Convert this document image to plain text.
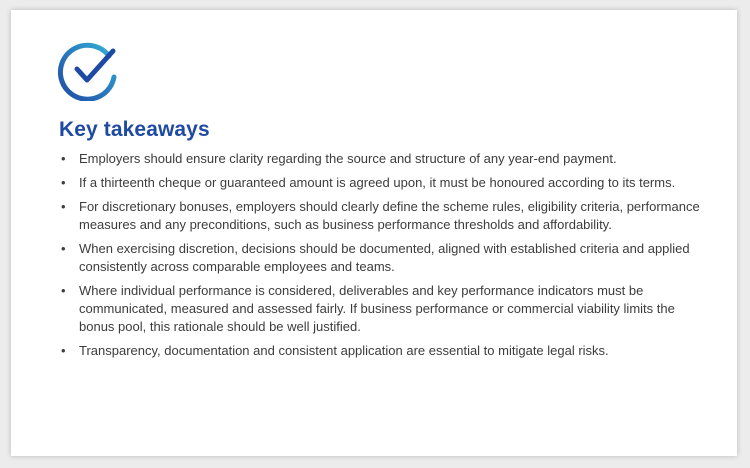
Key takeaways
•	Employers should ensure clarity regarding the source and structure of any year-end payment.
•	If a thirteenth cheque or guaranteed amount is agreed upon, it must be honoured according to its terms.
•	For discretionary bonuses, employers should clearly define the scheme rules, eligibility criteria, performance measures and any preconditions, such as business performance thresholds and affordability.
•	When exercising discretion, decisions should be documented, aligned with established criteria and applied consistently across comparable employees and teams.
•	Where individual performance is considered, deliverables and key performance indicators must be communicated, measured and assessed fairly. If business performance or commercial viability limits the bonus pool, this rationale should be well justified.
•	Transparency, documentation and consistent application are essential to mitigate legal risks.
